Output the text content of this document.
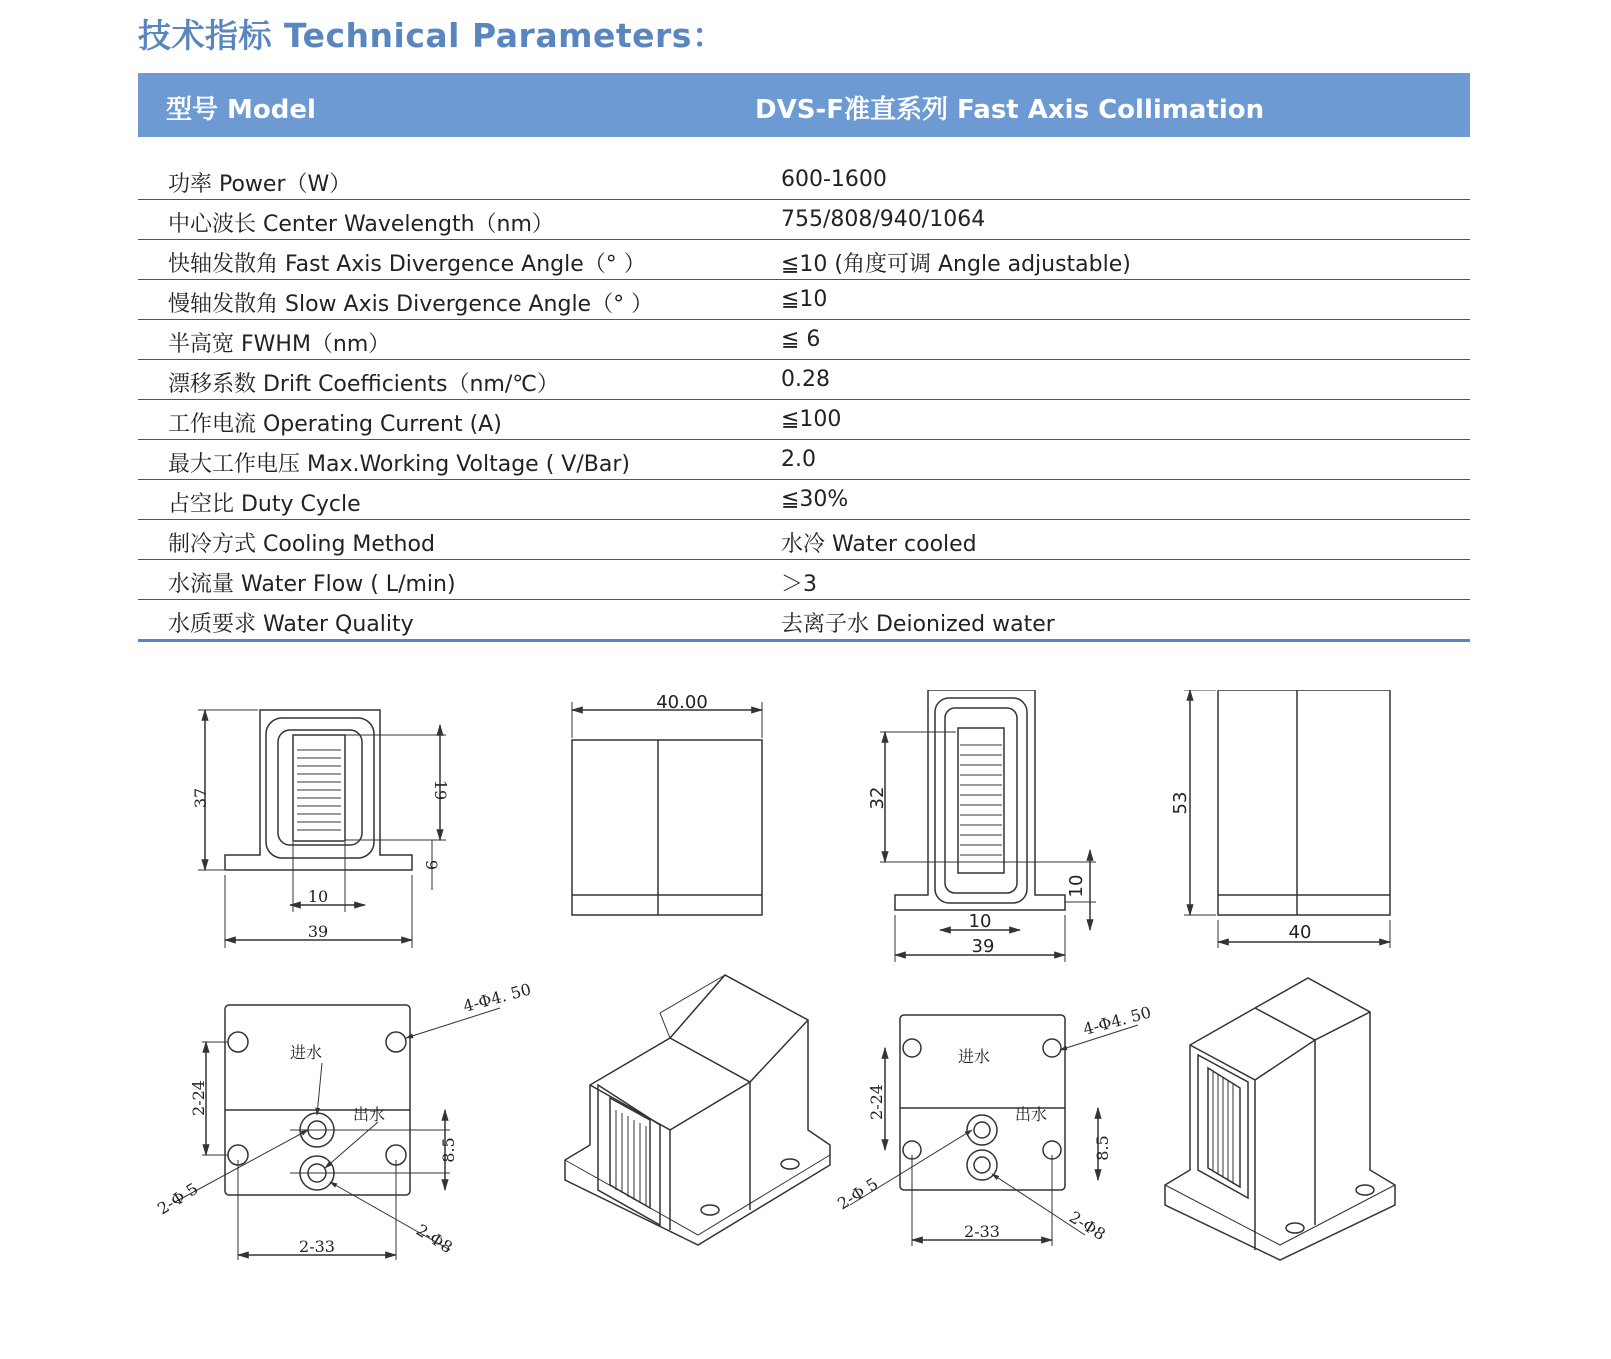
技术指标 Technical Parameters：
型号 Model	DVS-F准直系列 Fast Axis Collimation
功率 Power（W）	600-1600
中心波长 Center Wavelength（nm）	755/808/940/1064
快轴发散角 Fast Axis Divergence Angle（° ）	≦10 (角度可调 Angle adjustable)
慢轴发散角 Slow Axis Divergence Angle（° ）	≦10
半高宽 FWHM（nm）	≦ 6
漂移系数 Drift Coefficients（nm/℃）	0.28
工作电流 Operating Current (A)	≦100
最大工作电压 Max.Working Voltage ( V/Bar)	2.0
占空比 Duty Cycle	≦30%
制冷方式 Cooling Method	水冷 Water cooled
水流量 Water Flow ( L/min)	＞3
水质要求 Water Quality	去离子水 Deionized water
37	19
9
10
39
40.00
32
10
10
39
53
40
4-Φ4. 50
进水
出水
2-24
8.5
2-33
2-Φ 5
2-Φ8
4-Φ4. 50
进水
出水
2-24
8.5
2-33
2-Φ 5
2-Φ8
